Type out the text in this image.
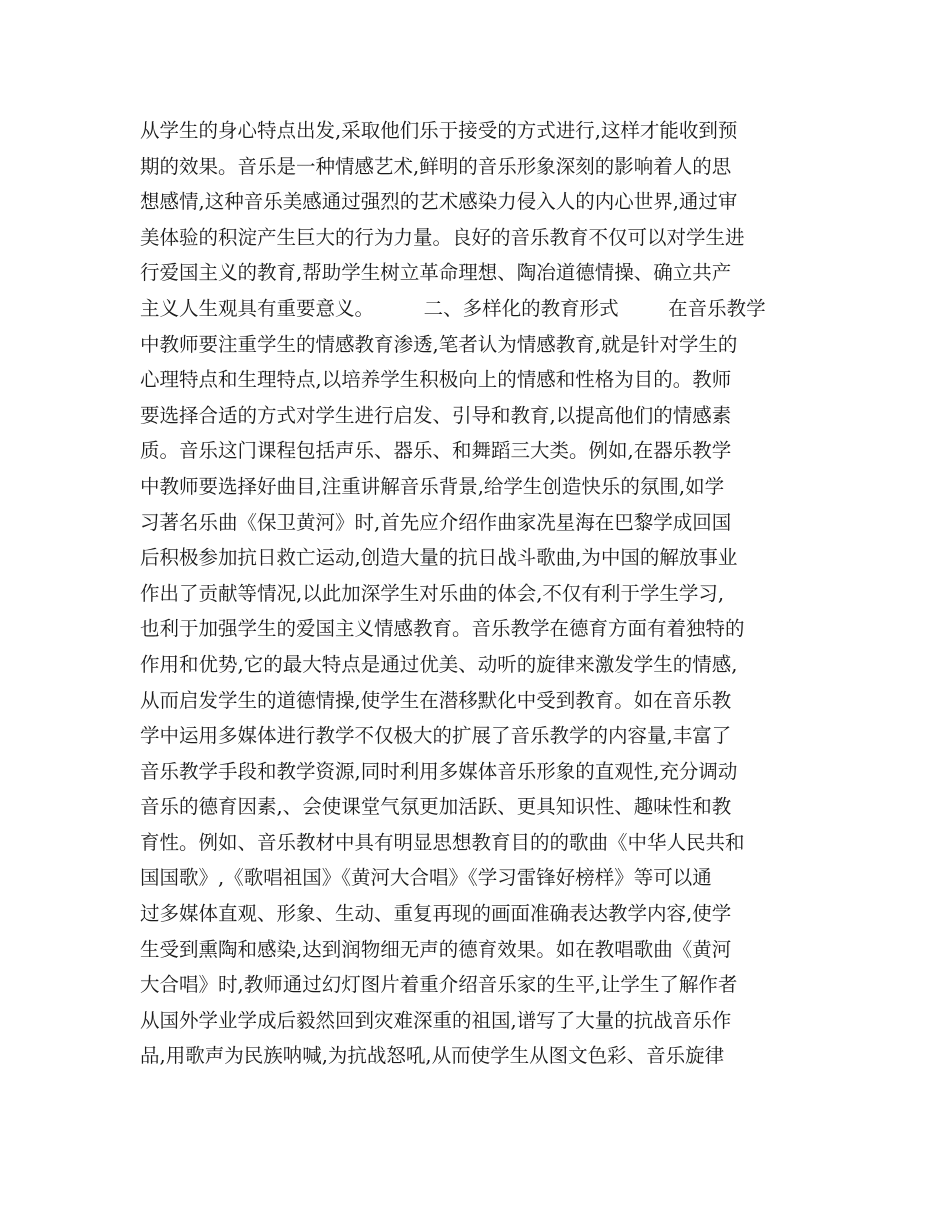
从学生的身心特点出发,采取他们乐于接受的方式进行,这样才能收到预
期的效果。音乐是一种情感艺术,鲜明的音乐形象深刻的影响着人的思
想感情,这种音乐美感通过强烈的艺术感染力侵入人的内心世界,通过审
美体验的积淀产生巨大的行为力量。良好的音乐教育不仅可以对学生进
行爱国主义的教育,帮助学生树立革命理想、陶冶道德情操、确立共产
主义人生观具有重要意义。        二、多样化的教育形式        在音乐教学
中教师要注重学生的情感教育渗透,笔者认为情感教育,就是针对学生的
心理特点和生理特点,以培养学生积极向上的情感和性格为目的。教师
要选择合适的方式对学生进行启发、引导和教育,以提高他们的情感素
质。音乐这门课程包括声乐、器乐、和舞蹈三大类。例如,在器乐教学
中教师要选择好曲目,注重讲解音乐背景,给学生创造快乐的氛围,如学
习著名乐曲《保卫黄河》时,首先应介绍作曲家冼星海在巴黎学成回国
后积极参加抗日救亡运动,创造大量的抗日战斗歌曲,为中国的解放事业
作出了贡献等情况,以此加深学生对乐曲的体会,不仅有利于学生学习,
也利于加强学生的爱国主义情感教育。音乐教学在德育方面有着独特的
作用和优势,它的最大特点是通过优美、动听的旋律来激发学生的情感,
从而启发学生的道德情操,使学生在潜移默化中受到教育。如在音乐教
学中运用多媒体进行教学不仅极大的扩展了音乐教学的内容量,丰富了
音乐教学手段和教学资源,同时利用多媒体音乐形象的直观性,充分调动
音乐的德育因素,、会使课堂气氛更加活跃、更具知识性、趣味性和教
育性。例如、音乐教材中具有明显思想教育目的的歌曲《中华人民共和
国国歌》,《歌唱祖国》《黄河大合唱》《学习雷锋好榜样》等可以通
过多媒体直观、形象、生动、重复再现的画面准确表达教学内容,使学
生受到熏陶和感染,达到润物细无声的德育效果。如在教唱歌曲《黄河
大合唱》时,教师通过幻灯图片着重介绍音乐家的生平,让学生了解作者
从国外学业学成后毅然回到灾难深重的祖国,谱写了大量的抗战音乐作
品,用歌声为民族呐喊,为抗战怒吼,从而使学生从图文色彩、音乐旋律
